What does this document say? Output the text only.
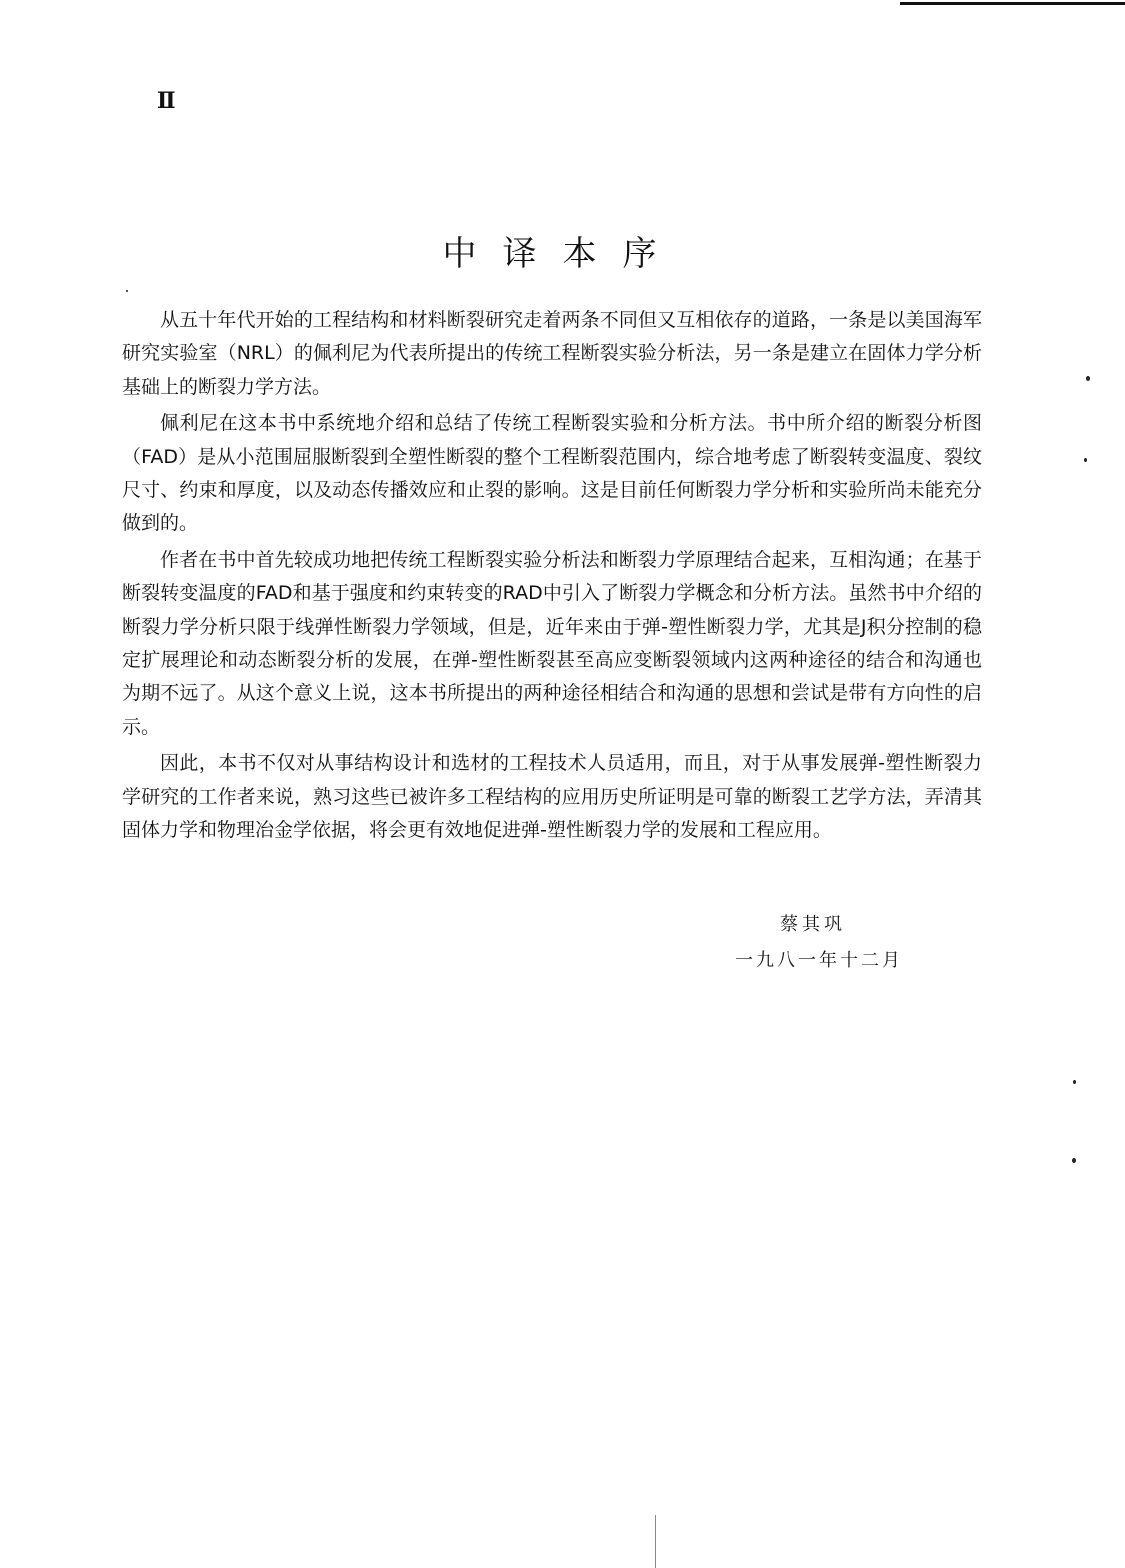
Ⅱ
中译本序

从五十年代开始的工程结构和材料断裂研究走着两条不同但又互相依存的道路，一条是以美国海军研究实验室（NRL）的佩利尼为代表所提出的传统工程断裂实验分析法，另一条是建立在固体力学分析基础上的断裂力学方法。

佩利尼在这本书中系统地介绍和总结了传统工程断裂实验和分析方法。书中所介绍的断裂分析图（FAD）是从小范围屈服断裂到全塑性断裂的整个工程断裂范围内，综合地考虑了断裂转变温度、裂纹尺寸、约束和厚度，以及动态传播效应和止裂的影响。这是目前任何断裂力学分析和实验所尚未能充分做到的。

作者在书中首先较成功地把传统工程断裂实验分析法和断裂力学原理结合起来，互相沟通；在基于断裂转变温度的FAD和基于强度和约束转变的RAD中引入了断裂力学概念和分析方法。虽然书中介绍的断裂力学分析只限于线弹性断裂力学领域，但是，近年来由于弹-塑性断裂力学，尤其是J积分控制的稳定扩展理论和动态断裂分析的发展，在弹-塑性断裂甚至高应变断裂领域内这两种途径的结合和沟通也为期不远了。从这个意义上说，这本书所提出的两种途径相结合和沟通的思想和尝试是带有方向性的启示。

因此，本书不仅对从事结构设计和选材的工程技术人员适用，而且，对于从事发展弹-塑性断裂力学研究的工作者来说，熟习这些已被许多工程结构的应用历史所证明是可靠的断裂工艺学方法，弄清其固体力学和物理冶金学依据，将会更有效地促进弹-塑性断裂力学的发展和工程应用。

蔡其巩
一九八一年十二月
